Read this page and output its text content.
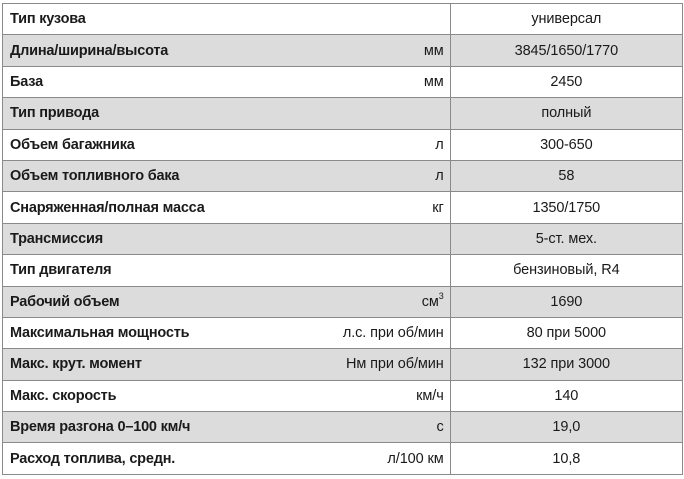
Тип кузова	универсал

Длина/ширина/высота мм	3845/1650/1770

База мм	2450

Тип привода	полный

Объем багажника л	300-650

Объем топливного бака л	58

Снаряженная/полная масса кг	1350/1750

Трансмиссия	5-ст. мех.

Тип двигателя	бензиновый, R4

Рабочий объем $см^3$	1690

Максимальная мощность л.с. при об/мин	80 при 5000

Макс. крут. момент Нм при об/мин	132 при 3000

Макс. скорость км/ч	140

Время разгона 0–100 км/ч с	19,0

Расход топлива, средн. л/100 км	10,8
